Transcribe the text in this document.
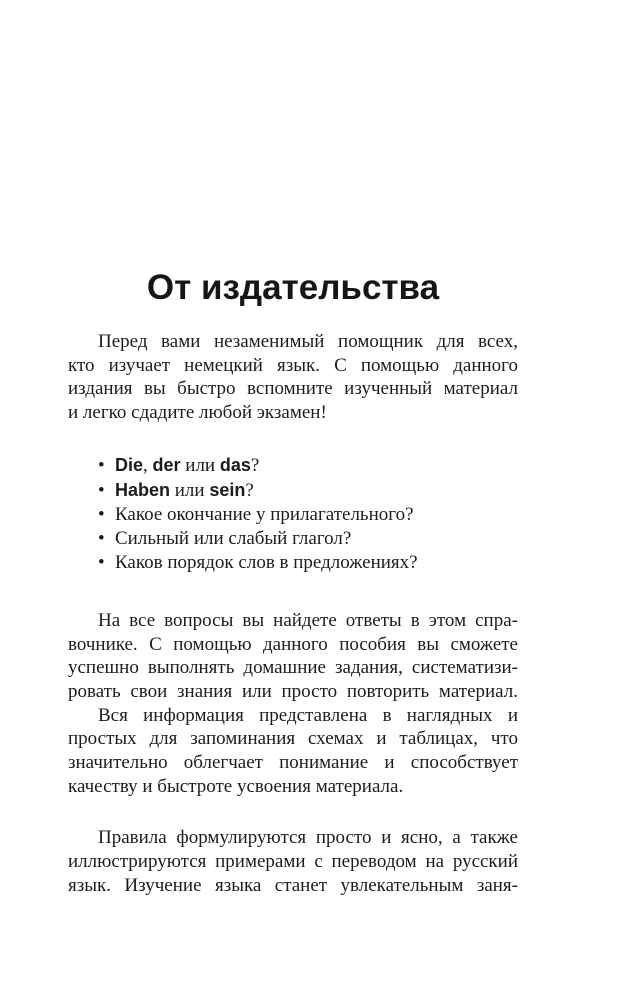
От издательства
Перед вами незаменимый помощник для всех,
кто изучает немецкий язык. С помощью данного
издания вы быстро вспомните изученный материал
и легко сдадите любой экзамен!
• Die, der или das?
• Haben или sein?
• Какое окончание у прилагательного?
• Сильный или слабый глагол?
• Каков порядок слов в предложениях?
На все вопросы вы найдете ответы в этом спра-
вочнике. С помощью данного пособия вы сможете
успешно выполнять домашние задания, систематизи-
ровать свои знания или просто повторить материал.
Вся информация представлена в наглядных и
простых для запоминания схемах и таблицах, что
значительно облегчает понимание и способствует
качеству и быстроте усвоения материала.
Правила формулируются просто и ясно, а также
иллюстрируются примерами с переводом на русский
язык. Изучение языка станет увлекательным заня-
